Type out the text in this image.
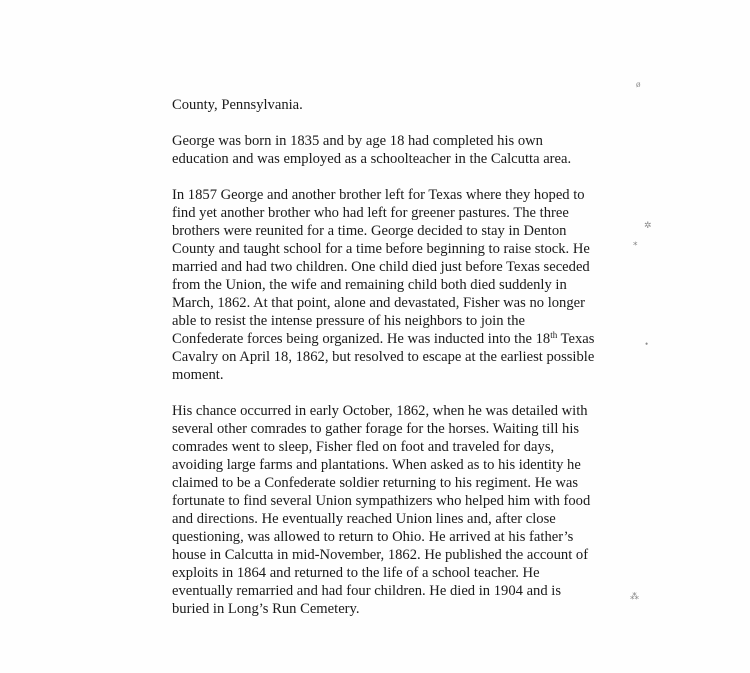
County, Pennsylvania.

George was born in 1835 and by age 18 had completed his own
education and was employed as a schoolteacher in the Calcutta area.

In 1857 George and another brother left for Texas where they hoped to
find yet another brother who had left for greener pastures. The three
brothers were reunited for a time. George decided to stay in Denton
County and taught school for a time before beginning to raise stock. He
married and had two children. One child died just before Texas seceded
from the Union, the wife and remaining child both died suddenly in
March, 1862. At that point, alone and devastated, Fisher was no longer
able to resist the intense pressure of his neighbors to join the
Confederate forces being organized. He was inducted into the 18th Texas
Cavalry on April 18, 1862, but resolved to escape at the earliest possible
moment.

His chance occurred in early October, 1862, when he was detailed with
several other comrades to gather forage for the horses. Waiting till his
comrades went to sleep, Fisher fled on foot and traveled for days,
avoiding large farms and plantations. When asked as to his identity he
claimed to be a Confederate soldier returning to his regiment. He was
fortunate to find several Union sympathizers who helped him with food
and directions. He eventually reached Union lines and, after close
questioning, was allowed to return to Ohio. He arrived at his father’s
house in Calcutta in mid-November, 1862. He published the account of
exploits in 1864 and returned to the life of a school teacher. He
eventually remarried and had four children. He died in 1904 and is
buried in Long’s Run Cemetery.

ø
✲
⁎
•
⁂
